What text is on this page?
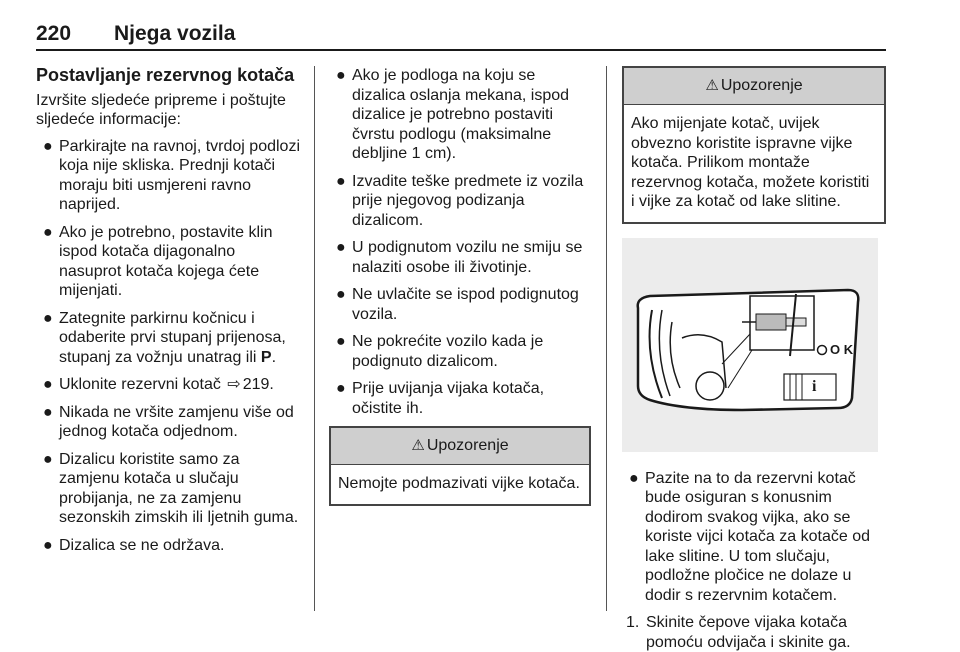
220 Njega vozila
Postavljanje rezervnog kotača
Izvršite sljedeće pripreme i poštujte sljedeće informacije:
● Parkirajte na ravnoj, tvrdoj podlozi koja nije skliska. Prednji kotači moraju biti usmjereni ravno naprijed.
● Ako je potrebno, postavite klin ispod kotača dijagonalno nasuprot kotača kojega ćete mijenjati.
● Zategnite parkirnu kočnicu i odaberite prvi stupanj prijenosa, stupanj za vožnju unatrag ili P.
● Uklonite rezervni kotač ⇨ 219.
● Nikada ne vršite zamjenu više od jednog kotača odjednom.
● Dizalicu koristite samo za zamjenu kotača u slučaju probijanja, ne za zamjenu sezonskih zimskih ili ljetnih guma.
● Dizalica se ne održava.
● Ako je podloga na koju se dizalica oslanja mekana, ispod dizalice je potrebno postaviti čvrstu podlogu (maksimalne debljine 1 cm).
● Izvadite teške predmete iz vozila prije njegovog podizanja dizalicom.
● U podignutom vozilu ne smiju se nalaziti osobe ili životinje.
● Ne uvlačite se ispod podignutog vozila.
● Ne pokrećite vozilo kada je podignuto dizalicom.
● Prije uvijanja vijaka kotača, očistite ih.
⚠ Upozorenje
Nemojte podmazivati vijke kotača.
⚠ Upozorenje
Ako mijenjate kotač, uvijek obvezno koristite ispravne vijke kotača. Prilikom montaže rezervnog kotača, možete koristiti i vijke za kotač od lake slitine.
O K
i
● Pazite na to da rezervni kotač bude osiguran s konusnim dodirom svakog vijka, ako se koriste vijci kotača za kotače od lake slitine. U tom slučaju, podložne pločice ne dolaze u dodir s rezervnim kotačem.
1. Skinite čepove vijaka kotača pomoću odvijača i skinite ga.
